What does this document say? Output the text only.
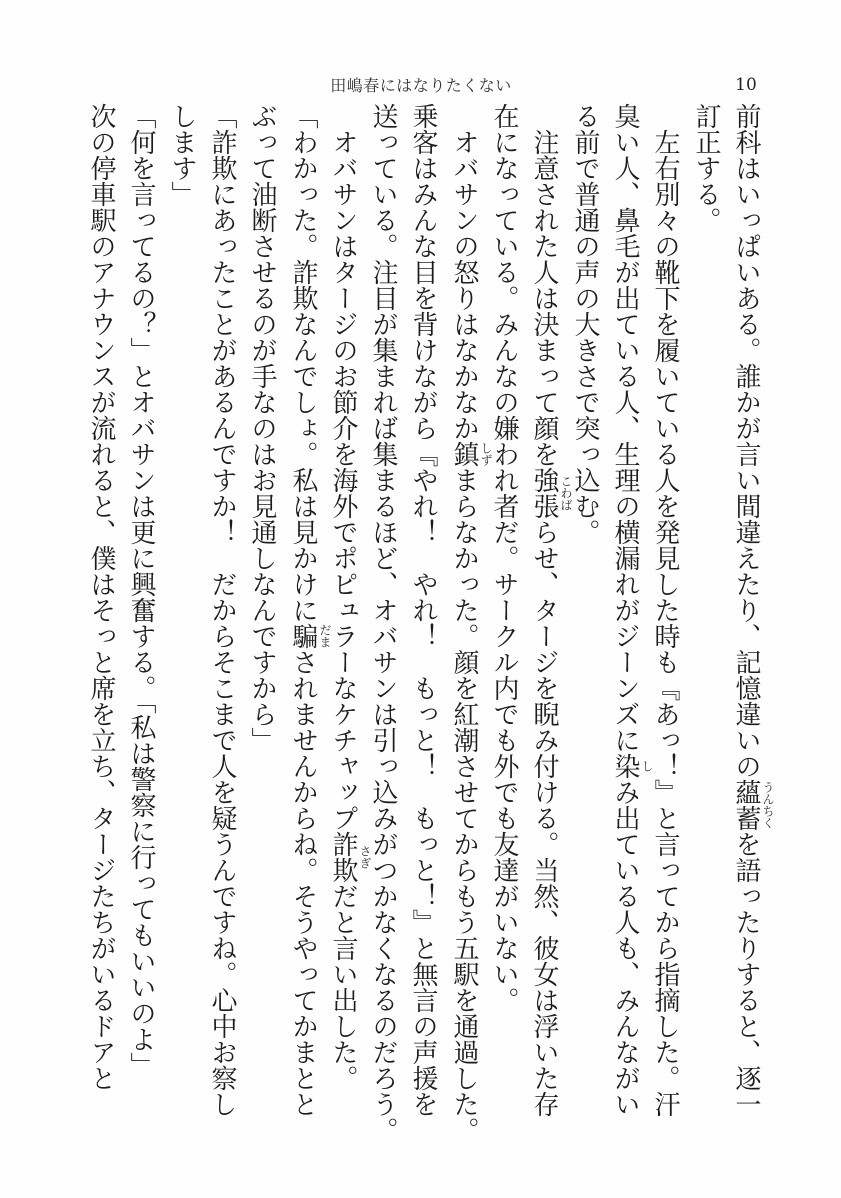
田嶋春にはなりたくない	10
前科はいっぱいある。誰かが言い間違えたり、記憶違いの蘊蓄 うんちく
を語ったりすると、逐一
訂正する。
　左右別々の靴下を履いている人を発見した時も『あっ！』と言ってから指摘した。汗
臭い人、鼻毛が出ている人、生理の横漏れがジーンズに染 し
み出ている人も、みんながい
る前で普通の声の大きさで突っ込む。
　注意された人は決まって顔を強張 こわば
らせ、タージを睨み付ける。当然、彼女は浮いた存
在になっている。みんなの嫌われ者だ。サークル内でも外でも友達がいない。
　オバサンの怒りはなかなか鎮 しず
まらなかった。顔を紅潮させてからもう五駅を通過した。
乗客はみんな目を背けながら『やれ！　やれ！　もっと！　もっと！』と無言の声援を
送っている。注目が集まれば集まるほど、オバサンは引っ込みがつかなくなるのだろう。
　オバサンはタージのお節介を海外でポピュラーなケチャップ詐欺 さぎ
だと言い出した。
「わかった。詐欺なんでしょ。私は見かけに騙 だま
されませんからね。そうやってかまとと
ぶって油断させるのが手なのはお見通しなんですから」
「詐欺にあったことがあるんですか！　だからそこまで人を疑うんですね。心中お察し
します」
「何を言ってるの？」とオバサンは更に興奮する。「私は警察に行ってもいいのよ」
次の停車駅のアナウンスが流れると、僕はそっと席を立ち、タージたちがいるドアと
